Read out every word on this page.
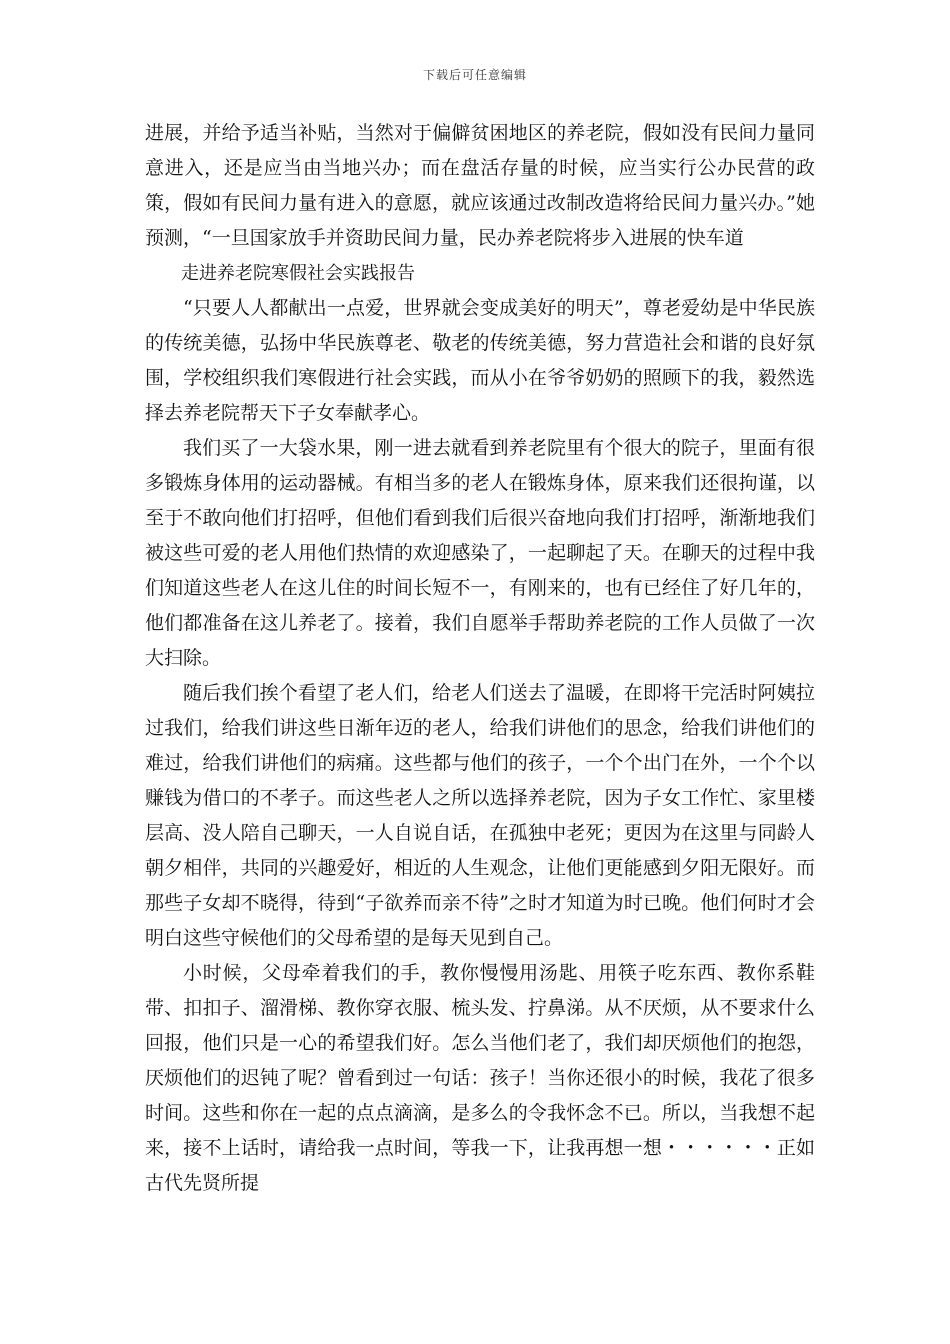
下载后可任意编辑

进展，并给予适当补贴，当然对于偏僻贫困地区的养老院，假如没有民间力量同意进入，还是应当由当地兴办；而在盘活存量的时候，应当实行公办民营的政策，假如有民间力量有进入的意愿，就应该通过改制改造将给民间力量兴办。”她预测，“一旦国家放手并资助民间力量，民办养老院将步入进展的快车道

走进养老院寒假社会实践报告

“只要人人都献出一点爱，世界就会变成美好的明天”，尊老爱幼是中华民族的传统美德，弘扬中华民族尊老、敬老的传统美德，努力营造社会和谐的良好氛围，学校组织我们寒假进行社会实践，而从小在爷爷奶奶的照顾下的我，毅然选择去养老院帮天下子女奉献孝心。

我们买了一大袋水果，刚一进去就看到养老院里有个很大的院子，里面有很多锻炼身体用的运动器械。有相当多的老人在锻炼身体，原来我们还很拘谨，以至于不敢向他们打招呼，但他们看到我们后很兴奋地向我们打招呼，渐渐地我们被这些可爱的老人用他们热情的欢迎感染了，一起聊起了天。在聊天的过程中我们知道这些老人在这儿住的时间长短不一，有刚来的，也有已经住了好几年的，他们都准备在这儿养老了。接着，我们自愿举手帮助养老院的工作人员做了一次大扫除。

随后我们挨个看望了老人们，给老人们送去了温暖，在即将干完活时阿姨拉过我们，给我们讲这些日渐年迈的老人，给我们讲他们的思念，给我们讲他们的难过，给我们讲他们的病痛。这些都与他们的孩子，一个个出门在外，一个个以赚钱为借口的不孝子。而这些老人之所以选择养老院，因为子女工作忙、家里楼层高、没人陪自己聊天，一人自说自话，在孤独中老死；更因为在这里与同龄人朝夕相伴，共同的兴趣爱好，相近的人生观念，让他们更能感到夕阳无限好。而那些子女却不晓得，待到“子欲养而亲不待”之时才知道为时已晚。他们何时才会明白这些守候他们的父母希望的是每天见到自己。

小时候，父母牵着我们的手，教你慢慢用汤匙、用筷子吃东西、教你系鞋带、扣扣子、溜滑梯、教你穿衣服、梳头发、拧鼻涕。从不厌烦，从不要求什么回报，他们只是一心的希望我们好。怎么当他们老了，我们却厌烦他们的抱怨，厌烦他们的迟钝了呢？曾看到过一句话：孩子！当你还很小的时候，我花了很多时间。这些和你在一起的点点滴滴，是多么的令我怀念不已。所以，当我想不起来，接不上话时，请给我一点时间，等我一下，让我再想一想・・・・・・正如古代先贤所提
